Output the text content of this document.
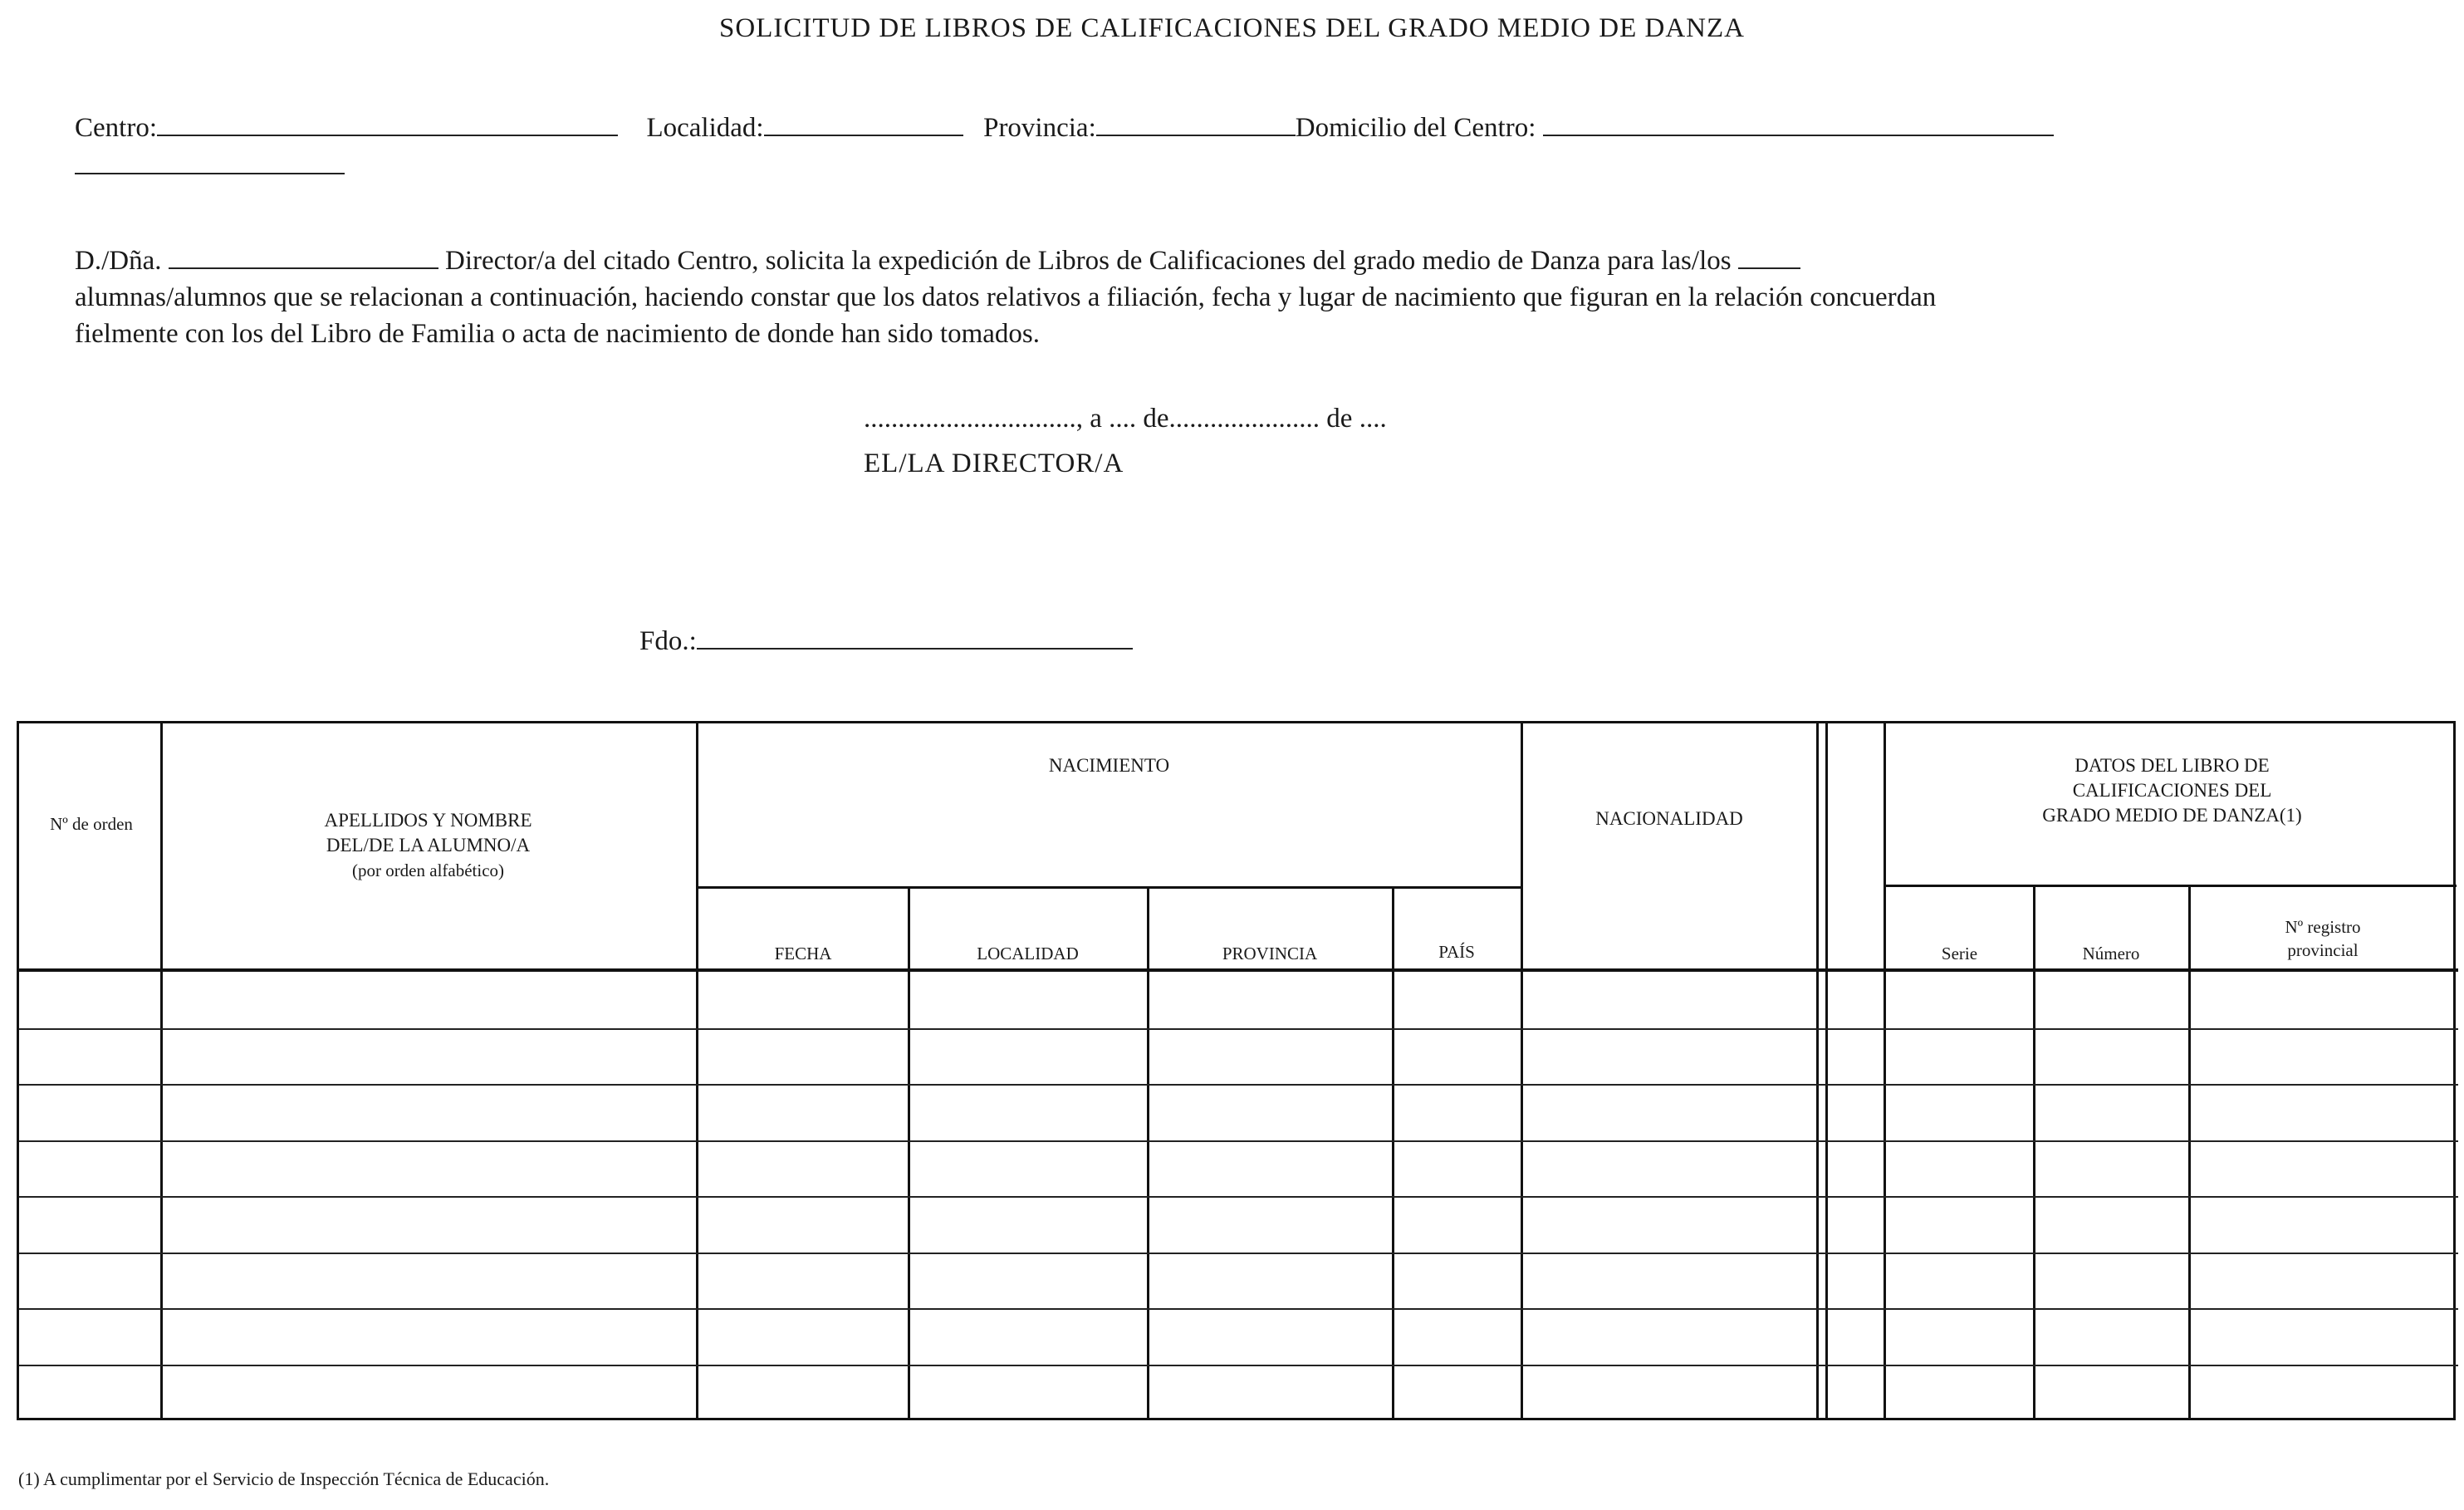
SOLICITUD DE LIBROS DE CALIFICACIONES DEL GRADO MEDIO DE DANZA
Centro:	Localidad:	Provincia:	Domicilio del Centro:
D./Dña.	Director/a del citado Centro, solicita la expedición de Libros de Calificaciones del grado medio de Danza para las/los  alumnas/alumnos que se relacionan a continuación, haciendo constar que los datos relativos a filiación, fecha y lugar de nacimiento que figuran en la relación concuerdan fielmente con los del Libro de Familia o acta de nacimiento de donde han sido tomados.
..............................., a .... de...................... de ....
EL/LA DIRECTOR/A
Fdo.:
Nº de orden	APELLIDOS Y NOMBRE
DEL/DE LA ALUMNO/A
(por orden alfabético)
NACIMIENTO
FECHA	LOCALIDAD	PROVINCIA	PAÍS
NACIONALIDAD
DATOS DEL LIBRO DE
CALIFICACIONES DEL
GRADO MEDIO DE DANZA(1)
Serie	Número
Nº registro
provincial
(1) A cumplimentar por el Servicio de Inspección Técnica de Educación.
